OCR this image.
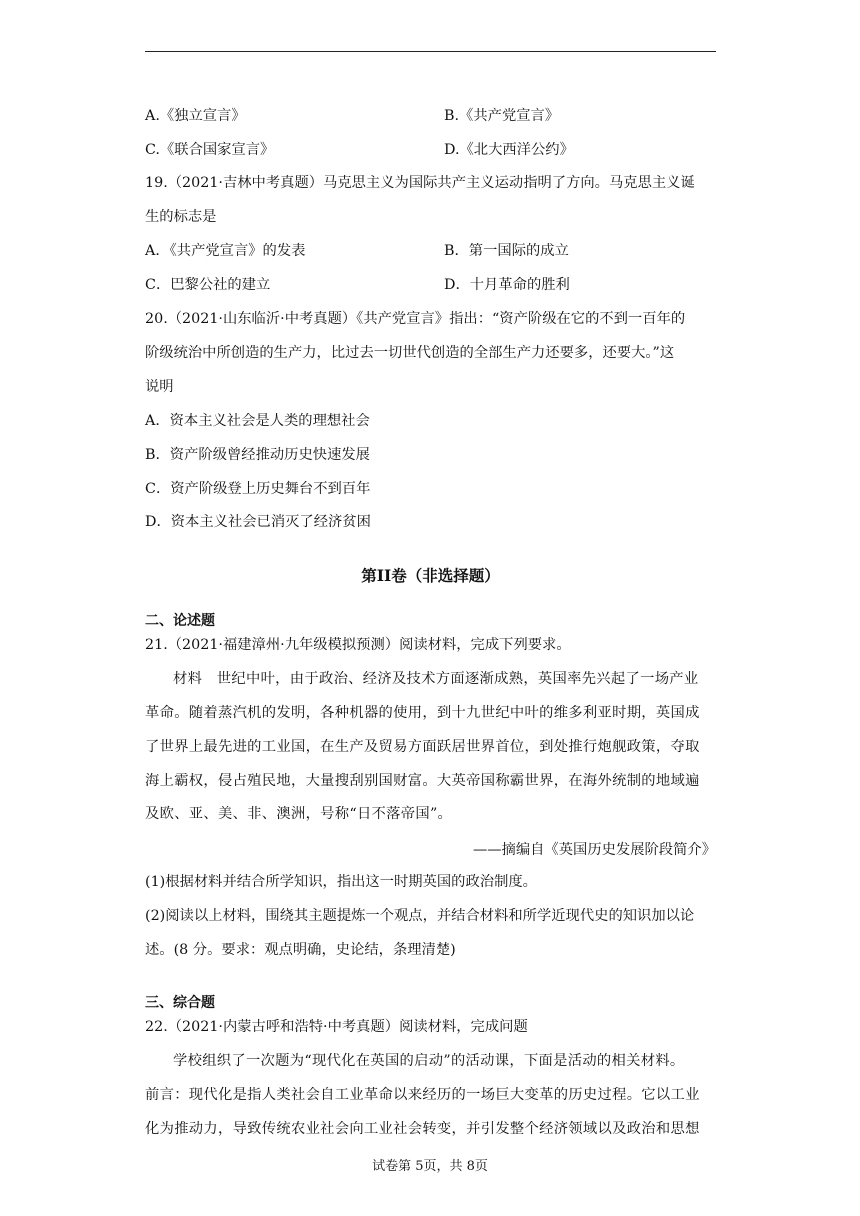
A.《独立宣言》	B.《共产党宣言》
C.《联合国家宣言》	D.《北大西洋公约》
19.（2021·吉林中考真题）马克思主义为国际共产主义运动指明了方向。马克思主义诞
生的标志是
A．《共产党宣言》的发表	B．第一国际的成立
C．巴黎公社的建立	D．十月革命的胜利
20.（2021·山东临沂·中考真题）《共产党宣言》指出：“资产阶级在它的不到一百年的
阶级统治中所创造的生产力，比过去一切世代创造的全部生产力还要多，还要大。”这
说明
A．资本主义社会是人类的理想社会
B．资产阶级曾经推动历史快速发展
C．资产阶级登上历史舞台不到百年
D．资本主义社会已消灭了经济贫困
第II卷（非选择题）
二、论述题
21.（2021·福建漳州·九年级模拟预测）阅读材料，完成下列要求。
材料　世纪中叶，由于政治、经济及技术方面逐渐成熟，英国率先兴起了一场产业
革命。随着蒸汽机的发明，各种机器的使用，到十九世纪中叶的维多利亚时期，英国成
了世界上最先进的工业国，在生产及贸易方面跃居世界首位，到处推行炮舰政策，夺取
海上霸权，侵占殖民地，大量搜刮别国财富。大英帝国称霸世界，在海外统制的地域遍
及欧、亚、美、非、澳洲，号称“日不落帝国”。
——摘编自《英国历史发展阶段简介》
(1)根据材料并结合所学知识，指出这一时期英国的政治制度。
(2)阅读以上材料，围绕其主题提炼一个观点，并结合材料和所学近现代史的知识加以论
述。(8 分。要求：观点明确，史论结，条理清楚)
三、综合题
22.（2021·内蒙古呼和浩特·中考真题）阅读材料，完成问题
学校组织了一次题为“现代化在英国的启动”的活动课，下面是活动的相关材料。
前言：现代化是指人类社会自工业革命以来经历的一场巨大变革的历史过程。它以工业
化为推动力，导致传统农业社会向工业社会转变，并引发整个经济领域以及政治和思想
试卷第 5页，共 8页
